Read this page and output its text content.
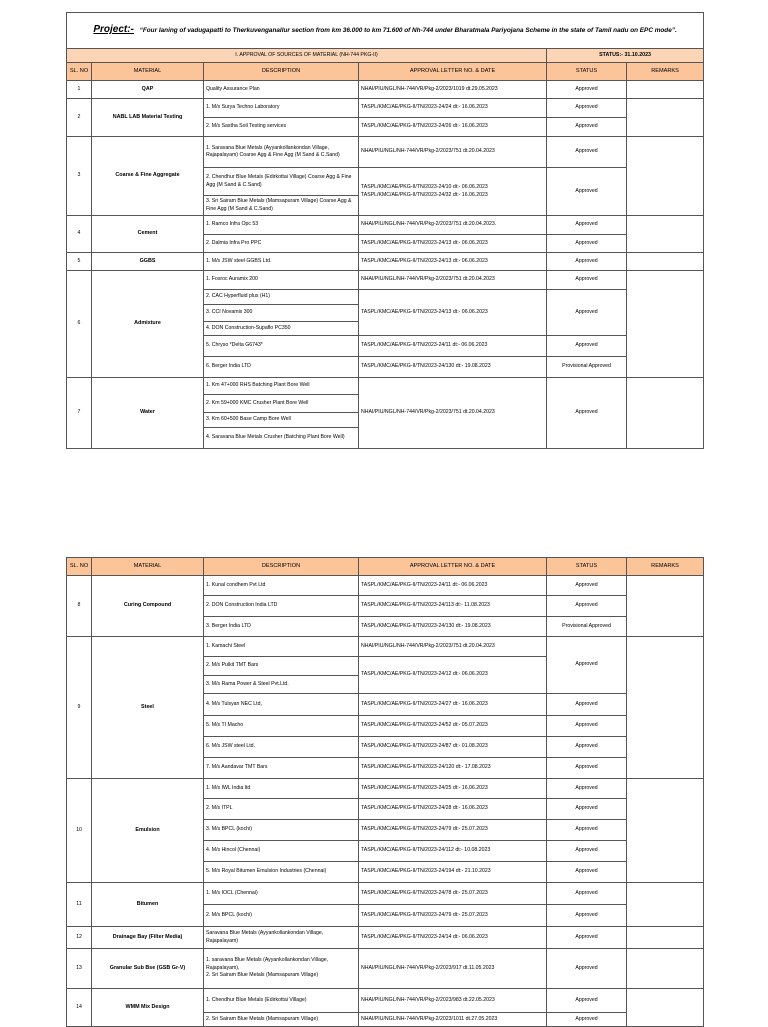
Project:- “Four laning of vadugapatti to Therkuvenganallur section from km 36.000 to km 71.600 of Nh-744 under Bharatmala Pariyojana Scheme in the state of Tamil nadu on EPC mode”.					
I. APPROVAL OF SOURCES OF MATERIAL (NH-744 PKG-II)				STATUS:- 31.10.2023	
SL. NO	MATERIAL	DESCRIPTION	APPROVAL LETTER NO. & DATE	STATUS	REMARKS
1	QAP	Quality Assurance Plan	NHAI/PIU/NGL/NH-744/VR/Pkg-2/2023/1019 dt.29.05.2023	Approved	
2	NABL LAB Material Testing	1. M/s Surya Techno Laboratory	TASPL/KMC/AE/PKG-II/TN/2023-24/24 dt:- 16.06.2023	Approved	
		2. M/s Sastha Soil Testing services	TASPL/KMC/AE/PKG-II/TN/2023-24/26 dt:- 16.06.2023	Approved	
3	Coarse & Fine Aggregate	1. Saravana Blue Metals (Ayyankollankondan Village, Rajapalayam) Coarse Agg & Fine Agg (M Sand & C.Sand)	NHAI/PIU/NGL/NH-744/VR/Pkg-2/2023/751 dt.20.04.2023	Approved	
		2. Chendhur Blue Metals (Edirkottai Village) Coarse Agg & Fine Agg (M Sand & C.Sand)	TASPL/KMC/AE/PKG-II/TN/2023-24/10 dt:- 06.06.2023
TASPL/KMC/AE/PKG-II/TN/2023-24/32 dt:- 16.06.2023	Approved	
		3. Sri Sairam Blue Metals (Mamsapuram Village) Coarse Agg & Fine Agg (M Sand & C.Sand)			
4	Cement	1. Ramco Infra Opc 53	NHAI/PIU/NGL/NH-744/VR/Pkg-2/2023/751 dt.20.04.2023.	Approved	
		2. Dalmia Infra Pro PPC	TASPL/KMC/AE/PKG-II/TN/2023-24/13 dt:- 06.06.2023	Approved	
5	GGBS	1. M/s JSW steel GGBS Ltd.	TASPL/KMC/AE/PKG-II/TN/2023-24/13 dt:- 06.06.2023	Approved	
6	Admixture	1. Fosroc Auramix 200	NHAI/PIU/NGL/NH-744/VR/Pkg-2/2023/751 dt.20.04.2023	Approved	
		2. CAC Hyperfluid plus (H1)	TASPL/KMC/AE/PKG-II/TN/2023-24/13 dt:- 06.06.2023	Approved	
		3. CCI Novamix 300			
		4. DON Construction-Supaflo PC350			
		5. Chryso *Delta G6743*	TASPL/KMC/AE/PKG-II/TN/2023-24/11 dt:- 06.06.2023	Approved	
		6. Berger India LTD	TASPL/KMC/AE/PKG-II/TN/2023-24/130 dt:- 19.08.2023	Provisional Approved	
7	Water	1. Km 47+000 RHS Batching Plant Bore Well	NHAI/PIU/NGL/NH-744/VR/Pkg-2/2023/751 dt.20.04.2023	Approved	
		2. Km 59+000 KMC Crusher Plant Bore Well			
		3. Km 60+500 Base Camp Bore Well			
		4. Saravana Blue Metals Crusher (Batching Plant Bore Well)			
SL. NO	MATERIAL	DESCRIPTION	APPROVAL LETTER NO. & DATE	STATUS	REMARKS
8	Curing Compound	1. Kunal condhem Pvt Ltd	TASPL/KMC/AE/PKG-II/TN/2023-24/11 dt:- 06.06.2023	Approved	
		2. DON Construction India LTD	TASPL/KMC/AE/PKG-II/TN/2023-24/113 dt:- 11.08.2023	Approved	
		3. Berger India LTD	TASPL/KMC/AE/PKG-II/TN/2023-24/130 dt:- 19.08.2023	Provisional Approved	
9	Steel	1. Kamachi Steel	NHAI/PIU/NGL/NH-744/VR/Pkg-2/2023/751 dt.20.04.2023	Approved	
		2. M/s Pulkit TMT Bars	TASPL/KMC/AE/PKG-II/TN/2023-24/12 dt:- 06.06.2023		
		3. M/s Rama Power & Steel Pvt.Ltd.			
		4. M/s Tulsyan NEC Ltd,	TASPL/KMC/AE/PKG-II/TN/2023-24/27 dt:- 16.06.2023	Approved	
		5. M/s TI Macho	TASPL/KMC/AE/PKG-II/TN/2023-24/52 dt:- 05.07.2023	Approved	
		6. M/s JSW steel Ltd.	TASPL/KMC/AE/PKG-II/TN/2023-24/87 dt:- 01.08.2023	Approved	
		7. M/s Aandavar TMT Bars	TASPL/KMC/AE/PKG-II/TN/2023-24/120 dt:- 17.08.2023	Approved	
10	Emulsion	1. M/s IWL India ltd	TASPL/KMC/AE/PKG-II/TN/2023-24/25 dt:- 16.06.2023	Approved	
		2. M/s ITPL	TASPL/KMC/AE/PKG-II/TN/2023-24/28 dt:- 16.06.2023	Approved	
		3. M/s BPCL (kochi)	TASPL/KMC/AE/PKG-II/TN/2023-24/79 dt:- 25.07.2023	Approved	
		4. M/s Hincol (Chennai)	TASPL/KMC/AE/PKG-II/TN/2023-24/112 dt:- 10.08.2023	Approved	
		5. M/s Royal Bitumen Emulsion Industries (Chennai)	TASPL/KMC/AE/PKG-II/TN/2023-24/194 dt:- 21.10.2023	Approved	
11	Bitumen	1. M/s IOCL (Chennai)	TASPL/KMC/AE/PKG-II/TN/2023-24/78 dt:- 25.07.2023	Approved	
		2. M/s BPCL (kochi)	TASPL/KMC/AE/PKG-II/TN/2023-24/79 dt:- 25.07.2023	Approved	
12	Drainage Bay (Filter Media)	Saravana Blue Metals (Ayyankollankondan Village, Rajapalayam)	TASPL/KMC/AE/PKG-II/TN/2023-24/14 dt:- 06.06.2023	Approved	
13	Granular Sub Bse (GSB Gr-V)	1. saravana Blue Metals (Ayyankollankondan Village, Rajapalayam),
2. Sri Sairam Blue Metals (Mamsapuram Village)	NHAI/PIU/NGL/NH-744/VR/Pkg-2/2023/917 dt.11.05.2023	Approved	
14	WMM Mix Design	1. Chendhur Blue Metals (Edirkottai Village)	NHAI/PIU/NGL/NH-744/VR/Pkg-2/2023/983 dt.22.05.2023	Approved	
		2. Sri Sairam Blue Metals (Mamsapuram Village)	NHAI/PIU/NGL/NH-744/VR/Pkg-2/2023/1011 dt.27.05.2023	Approved	
